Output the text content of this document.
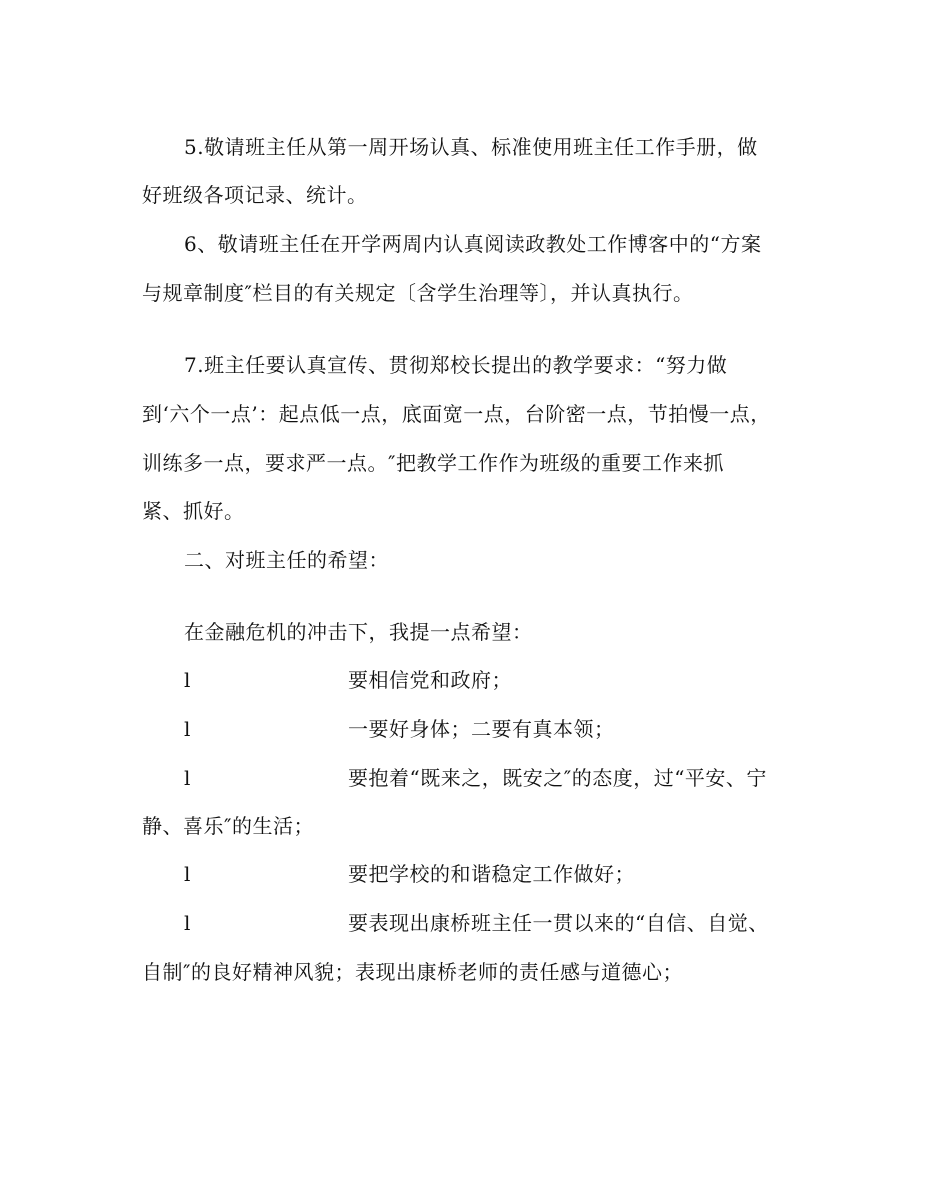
5.敬请班主任从第一周开场认真、标准使用班主任工作手册，做
好班级各项记录、统计。
6、敬请班主任在开学两周内认真阅读政教处工作博客中的“方案
与规章制度″栏目的有关规定〔含学生治理等〕，并认真执行。
7.班主任要认真宣传、贯彻郑校长提出的教学要求：“努力做
到‘六个一点’：起点低一点，底面宽一点，台阶密一点，节拍慢一点，
训练多一点，要求严一点。″把教学工作作为班级的重要工作来抓
紧、抓好。
二、对班主任的希望：
在金融危机的冲击下，我提一点希望：
l	要相信党和政府；
l	一要好身体；二要有真本领；
l	要抱着“既来之，既安之″的态度，过“平安、宁
静、喜乐″的生活；
l	要把学校的和谐稳定工作做好；
l	要表现出康桥班主任一贯以来的“自信、自觉、
自制″的良好精神风貌；表现出康桥老师的责任感与道德心；
